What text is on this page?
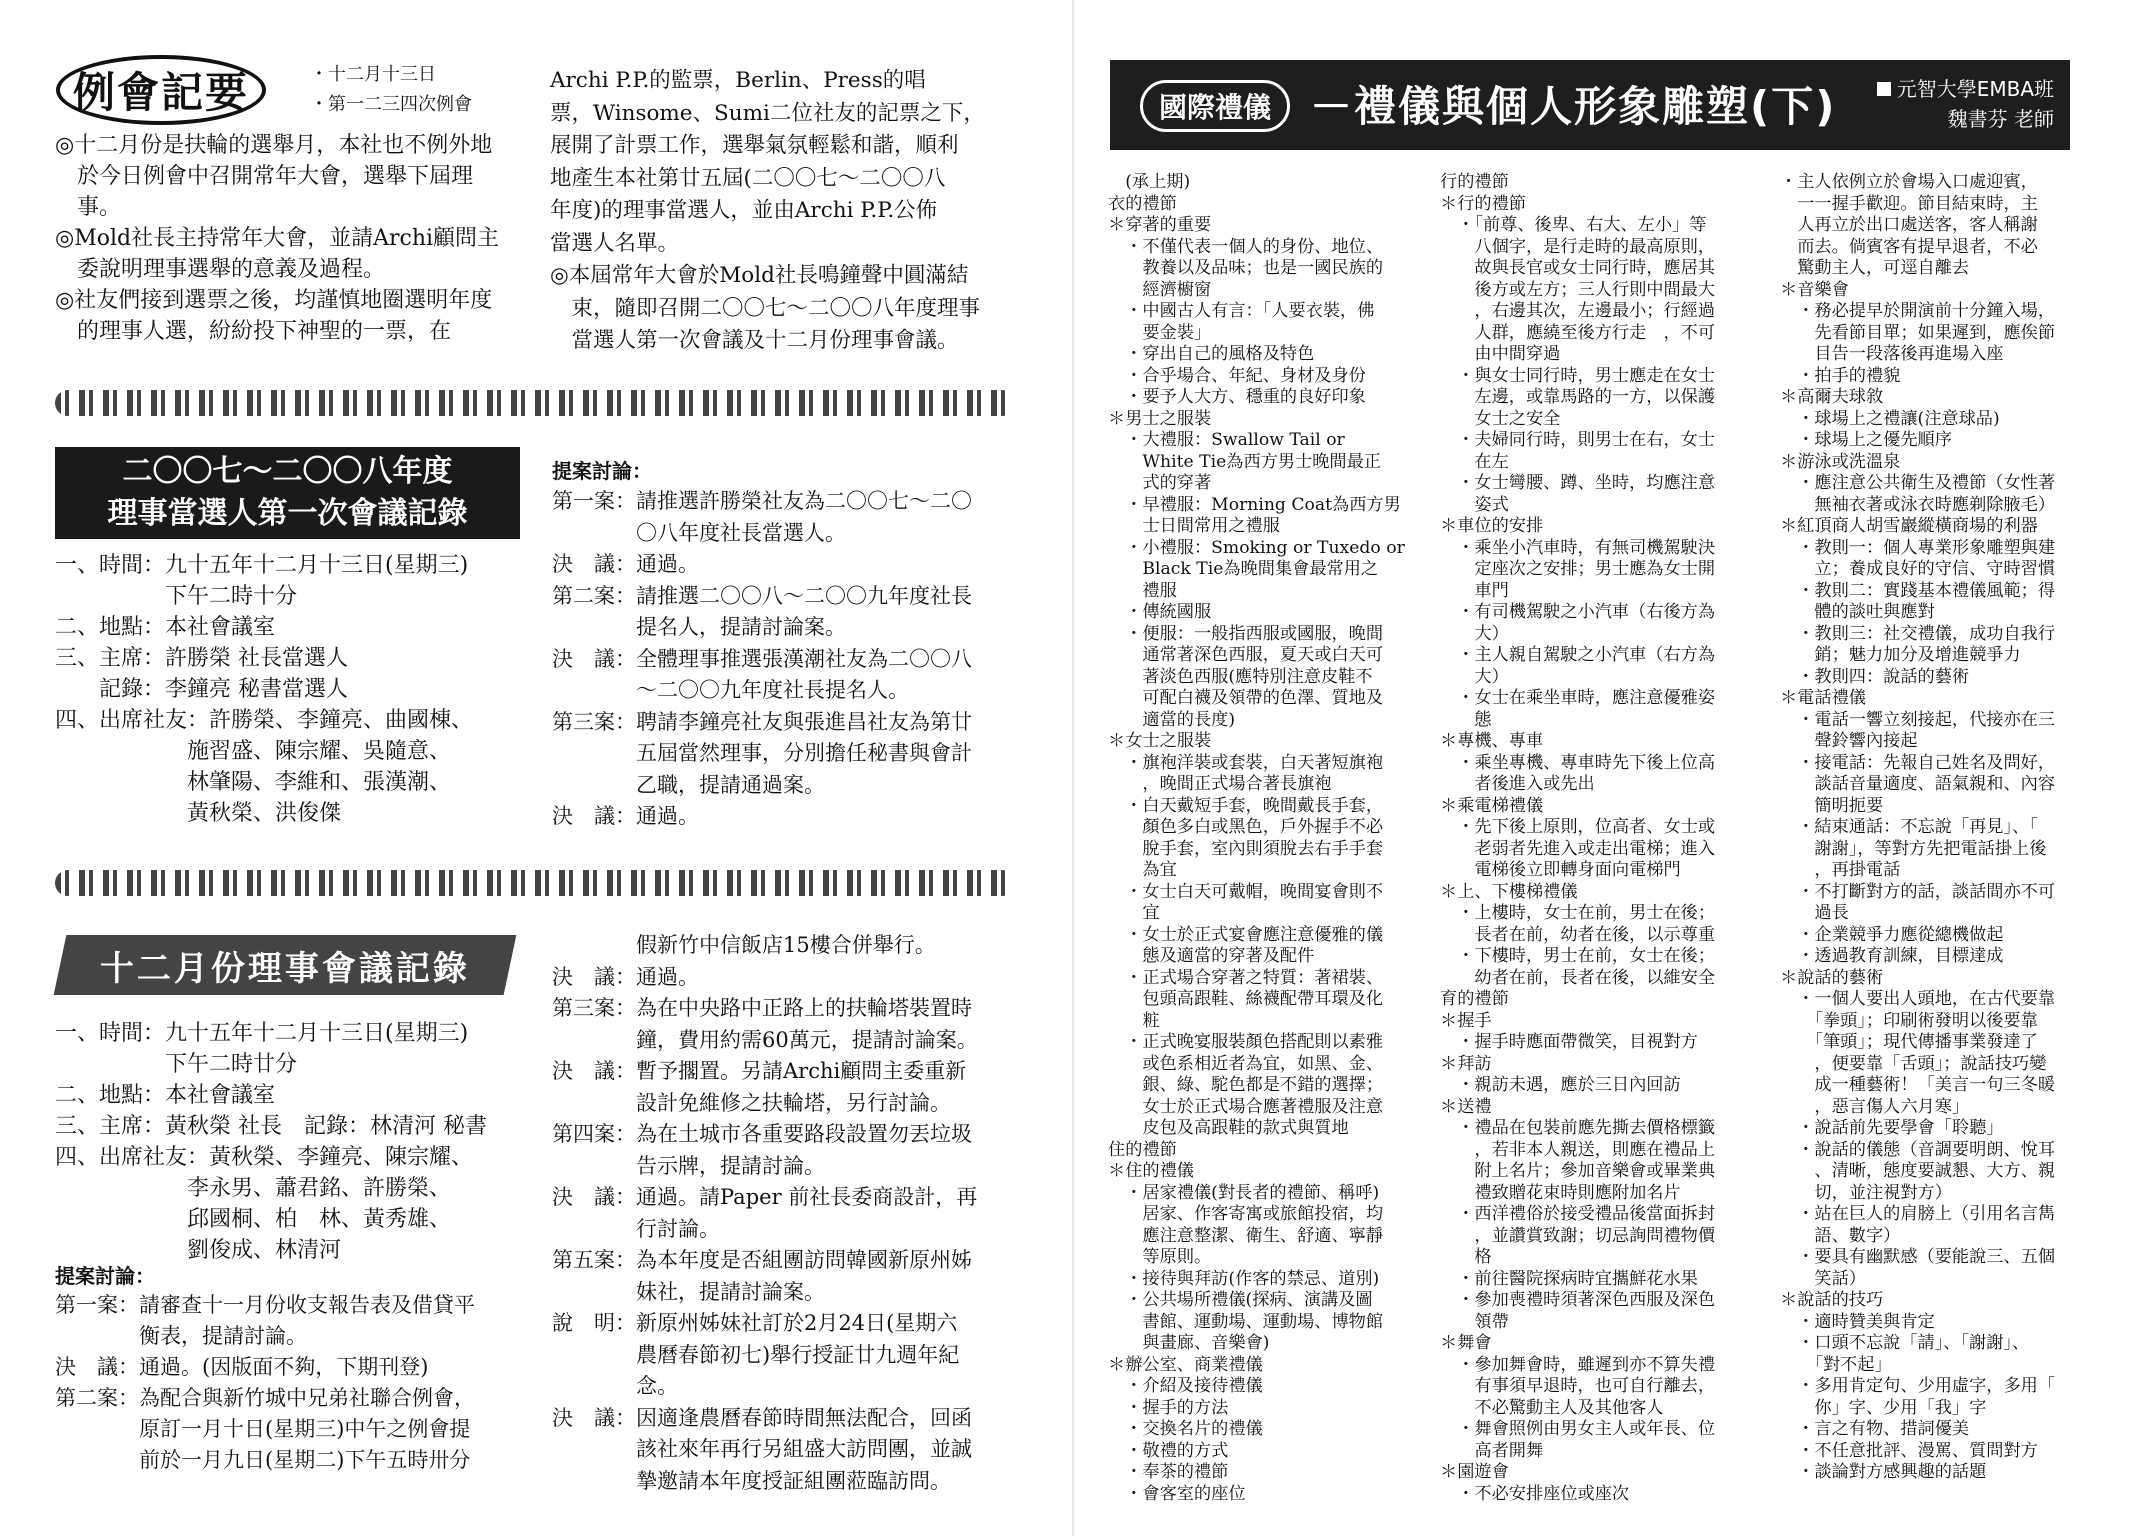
例會記要	・十二月十三日
・第一二三四次例會
◎十二月份是扶輪的選舉月，本社也不例外地
　於今日例會中召開常年大會，選舉下屆理
　事。
◎Mold社長主持常年大會，並請Archi顧問主
　委說明理事選舉的意義及過程。
◎社友們接到選票之後，均謹慎地圈選明年度
　的理事人選，紛紛投下神聖的一票，在
Archi P.P.的監票，Berlin、Press的唱
票，Winsome、Sumi二位社友的記票之下，
展開了計票工作，選舉氣氛輕鬆和諧，順利
地產生本社第廿五屆(二〇〇七～二〇〇八
年度)的理事當選人，並由Archi P.P.公佈
當選人名單。
◎本屆常年大會於Mold社長鳴鐘聲中圓滿結
　束，隨即召開二〇〇七～二〇〇八年度理事
　當選人第一次會議及十二月份理事會議。
二〇〇七～二〇〇八年度
理事當選人第一次會議記錄
一、時間：九十五年十二月十三日(星期三)
　　　　　下午二時十分
二、地點：本社會議室
三、主席：許勝榮 社長當選人
　　記錄：李鐘亮 秘書當選人
四、出席社友：許勝榮、李鐘亮、曲國棟、
　　　　　　施習盛、陳宗耀、吳隨意、
　　　　　　林肇陽、李維和、張漢潮、
　　　　　　黃秋榮、洪俊傑
提案討論：
第一案：請推選許勝榮社友為二〇〇七～二〇
　　　　〇八年度社長當選人。
決　議：通過。
第二案：請推選二〇〇八～二〇〇九年度社長
　　　　提名人，提請討論案。
決　議：全體理事推選張漢潮社友為二〇〇八
　　　　～二〇〇九年度社長提名人。
第三案：聘請李鐘亮社友與張進昌社友為第廿
　　　　五屆當然理事，分別擔任秘書與會計
　　　　乙職，提請通過案。
決　議：通過。
十二月份理事會議記錄
一、時間：九十五年十二月十三日(星期三)
　　　　　下午二時廿分
二、地點：本社會議室
三、主席：黃秋榮 社長　記錄：林清河 秘書
四、出席社友：黃秋榮、李鐘亮、陳宗耀、
　　　　　　李永男、蕭君銘、許勝榮、
　　　　　　邱國桐、柏　林、黃秀雄、
　　　　　　劉俊成、林清河
提案討論：
第一案：請審查十一月份收支報告表及借貸平
　　　　衡表，提請討論。
決　議：通過。(因版面不夠，下期刊登)
第二案：為配合與新竹城中兄弟社聯合例會，
　　　　原訂一月十日(星期三)中午之例會提
　　　　前於一月九日(星期二)下午五時卅分
　　　　假新竹中信飯店15樓合併舉行。
決　議：通過。
第三案：為在中央路中正路上的扶輪塔裝置時
　　　　鐘，費用約需60萬元，提請討論案。
決　議：暫予擱置。另請Archi顧問主委重新
　　　　設計免維修之扶輪塔，另行討論。
第四案：為在土城市各重要路段設置勿丟垃圾
　　　　告示牌，提請討論。
決　議：通過。請Paper 前社長委商設計，再
　　　　行討論。
第五案：為本年度是否組團訪問韓國新原州姊
　　　　妹社，提請討論案。
說　明：新原州姊妹社訂於2月24日(星期六
　　　　農曆春節初七)舉行授証廿九週年紀
　　　　念。
決　議：因適逢農曆春節時間無法配合，回函
　　　　該社來年再行另組盛大訪問團，並誠
　　　　摯邀請本年度授証組團蒞臨訪問。
國際禮儀 －禮儀與個人形象雕塑(下)	元智大學EMBA班
魏書芬 老師
　(承上期)
衣的禮節
＊穿著的重要
　・不僅代表一個人的身份、地位、
　　教養以及品味；也是一國民族的
　　經濟櫥窗
　・中國古人有言：「人要衣裝，佛
　　要金裝」
　・穿出自己的風格及特色
　・合乎場合、年紀、身材及身份
　・要予人大方、穩重的良好印象
＊男士之服裝
　・大禮服：Swallow Tail or
　　White Tie為西方男士晚間最正
　　式的穿著
　・早禮服：Morning Coat為西方男
　　士日間常用之禮服
　・小禮服：Smoking or Tuxedo or
　　Black Tie為晚間集會最常用之
　　禮服
　・傳統國服
　・便服：一般指西服或國服，晚間
　　通常著深色西服，夏天或白天可
　　著淡色西服(應特別注意皮鞋不
　　可配白襪及領帶的色澤、質地及
　　適當的長度)
＊女士之服裝
　・旗袍洋裝或套裝，白天著短旗袍
　　，晚間正式場合著長旗袍
　・白天戴短手套，晚間戴長手套，
　　顏色多白或黑色，戶外握手不必
　　脫手套，室內則須脫去右手手套
　　為宜
　・女士白天可戴帽，晚間宴會則不
　　宜
　・女士於正式宴會應注意優雅的儀
　　態及適當的穿著及配件
　・正式場合穿著之特質：著裙裝、
　　包頭高跟鞋、絲襪配帶耳環及化
　　粧
　・正式晚宴服裝顏色搭配則以素雅
　　或色系相近者為宜，如黑、金、
　　銀、綠、駝色都是不錯的選擇；
　　女士於正式場合應著禮服及注意
　　皮包及高跟鞋的款式與質地
住的禮節
＊住的禮儀
　・居家禮儀(對長者的禮節、稱呼)
　　居家、作客寄寓或旅館投宿，均
　　應注意整潔、衛生、舒適、寧靜
　　等原則。
　・接待與拜訪(作客的禁忌、道別)
　・公共場所禮儀(探病、演講及圖
　　書館、運動場、運動場、博物館
　　與畫廊、音樂會)
＊辦公室、商業禮儀
　・介紹及接待禮儀
　・握手的方法
　・交換名片的禮儀
　・敬禮的方式
　・奉茶的禮節
　・會客室的座位
行的禮節
＊行的禮節
　・「前尊、後卑、右大、左小」等
　　八個字，是行走時的最高原則，
　　故與長官或女士同行時，應居其
　　後方或左方；三人行則中間最大
　　，右邊其次，左邊最小；行經過
　　人群，應繞至後方行走　，不可
　　由中間穿過
　・與女士同行時，男士應走在女士
　　左邊，或靠馬路的一方，以保護
　　女士之安全
　・夫婦同行時，則男士在右，女士
　　在左
　・女士彎腰、蹲、坐時，均應注意
　　姿式
＊車位的安排
　・乘坐小汽車時，有無司機駕駛決
　　定座次之安排；男士應為女士開
　　車門
　・有司機駕駛之小汽車（右後方為
　　大）
　・主人親自駕駛之小汽車（右方為
　　大）
　・女士在乘坐車時，應注意優雅姿
　　態
＊專機、專車
　・乘坐專機、專車時先下後上位高
　　者後進入或先出
＊乘電梯禮儀
　・先下後上原則，位高者、女士或
　　老弱者先進入或走出電梯；進入
　　電梯後立即轉身面向電梯門
＊上、下樓梯禮儀
　・上樓時，女士在前，男士在後；
　　長者在前，幼者在後，以示尊重
　・下樓時，男士在前，女士在後；
　　幼者在前，長者在後，以維安全
育的禮節
＊握手
　・握手時應面帶微笑，目視對方
＊拜訪
　・親訪未遇，應於三日內回訪
＊送禮
　・禮品在包裝前應先撕去價格標籤
　　，若非本人親送，則應在禮品上
　　附上名片；參加音樂會或畢業典
　　禮致贈花束時則應附加名片
　・西洋禮俗於接受禮品後當面拆封
　　，並讚賞致謝；切忌詢問禮物價
　　格
　・前往醫院探病時宜攜鮮花水果
　・參加喪禮時須著深色西服及深色
　　領帶
＊舞會
　・參加舞會時，雖遲到亦不算失禮
　　有事須早退時，也可自行離去，
　　不必驚動主人及其他客人
　・舞會照例由男女主人或年長、位
　　高者開舞
＊園遊會
　・不必安排座位或座次
・主人依例立於會場入口處迎賓，
　一一握手歡迎。節目結束時，主
　人再立於出口處送客，客人稱謝
　而去。倘賓客有提早退者，不必
　驚動主人，可逕自離去
＊音樂會
　・務必提早於開演前十分鐘入場，
　　先看節目單；如果遲到，應俟節
　　目告一段落後再進場入座
　・拍手的禮貌
＊高爾夫球敘
　・球場上之禮讓(注意球品)
　・球場上之優先順序
＊游泳或洗溫泉
　・應注意公共衛生及禮節（女性著
　　無袖衣著或泳衣時應剃除腋毛）
＊紅頂商人胡雪巖縱橫商場的利器
　・教則一：個人專業形象雕塑與建
　　立；養成良好的守信、守時習慣
　・教則二：實踐基本禮儀風範；得
　　體的談吐與應對
　・教則三：社交禮儀，成功自我行
　　銷；魅力加分及增進競爭力
　・教則四：說話的藝術
＊電話禮儀
　・電話一響立刻接起，代接亦在三
　　聲鈴響內接起
　・接電話：先報自己姓名及問好，
　　談話音量適度、語氣親和、內容
　　簡明扼要
　・結束通話：不忘說「再見」、「
　　謝謝」，等對方先把電話掛上後
　　，再掛電話
　・不打斷對方的話，談話間亦不可
　　過長
　・企業競爭力應從總機做起
　・透過教育訓練，目標達成
＊說話的藝術
　・一個人要出人頭地，在古代要靠
　　「拳頭」；印刷術發明以後要靠
　　「筆頭」；現代傳播事業發達了
　　，便要靠「舌頭」；說話技巧變
　　成一種藝術！「美言一句三冬暖
　　，惡言傷人六月寒」
　・說話前先要學會「聆聽」
　・說話的儀態（音調要明朗、悅耳
　　、清晰，態度要誠懇、大方、親
　　切，並注視對方）
　・站在巨人的肩膀上（引用名言雋
　　語、數字）
　・要具有幽默感（要能說三、五個
　　笑話）
＊說話的技巧
　・適時贊美與肯定
　・口頭不忘說「請」、「謝謝」、
　　「對不起」
　・多用肯定句、少用虛字，多用「
　　你」字、少用「我」字
　・言之有物、措詞優美
　・不任意批評、漫罵、質問對方
　・談論對方感興趣的話題
